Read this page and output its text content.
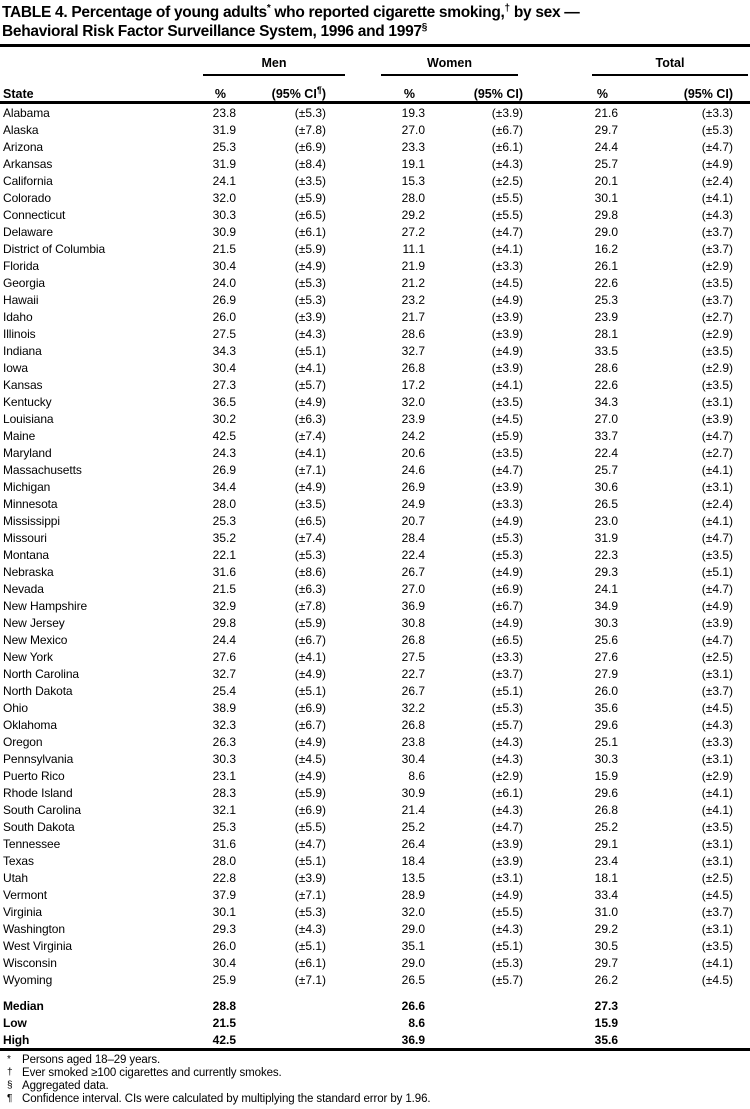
TABLE 4. Percentage of young adults* who reported cigarette smoking,† by sex —
Behavioral Risk Factor Surveillance System, 1996 and 1997§

	Men		Women		Total	

State	%	(95% CI¶)	%	(95% CI)	%	(95% CI)
Alabama	23.8	(±5.3)	19.3	(±3.9)	21.6	(±3.3)
Alaska	31.9	(±7.8)	27.0	(±6.7)	29.7	(±5.3)
Arizona	25.3	(±6.9)	23.3	(±6.1)	24.4	(±4.7)
Arkansas	31.9	(±8.4)	19.1	(±4.3)	25.7	(±4.9)
California	24.1	(±3.5)	15.3	(±2.5)	20.1	(±2.4)
Colorado	32.0	(±5.9)	28.0	(±5.5)	30.1	(±4.1)
Connecticut	30.3	(±6.5)	29.2	(±5.5)	29.8	(±4.3)
Delaware	30.9	(±6.1)	27.2	(±4.7)	29.0	(±3.7)
District of Columbia	21.5	(±5.9)	11.1	(±4.1)	16.2	(±3.7)
Florida	30.4	(±4.9)	21.9	(±3.3)	26.1	(±2.9)
Georgia	24.0	(±5.3)	21.2	(±4.5)	22.6	(±3.5)
Hawaii	26.9	(±5.3)	23.2	(±4.9)	25.3	(±3.7)
Idaho	26.0	(±3.9)	21.7	(±3.9)	23.9	(±2.7)
Illinois	27.5	(±4.3)	28.6	(±3.9)	28.1	(±2.9)
Indiana	34.3	(±5.1)	32.7	(±4.9)	33.5	(±3.5)
Iowa	30.4	(±4.1)	26.8	(±3.9)	28.6	(±2.9)
Kansas	27.3	(±5.7)	17.2	(±4.1)	22.6	(±3.5)
Kentucky	36.5	(±4.9)	32.0	(±3.5)	34.3	(±3.1)
Louisiana	30.2	(±6.3)	23.9	(±4.5)	27.0	(±3.9)
Maine	42.5	(±7.4)	24.2	(±5.9)	33.7	(±4.7)
Maryland	24.3	(±4.1)	20.6	(±3.5)	22.4	(±2.7)
Massachusetts	26.9	(±7.1)	24.6	(±4.7)	25.7	(±4.1)
Michigan	34.4	(±4.9)	26.9	(±3.9)	30.6	(±3.1)
Minnesota	28.0	(±3.5)	24.9	(±3.3)	26.5	(±2.4)
Mississippi	25.3	(±6.5)	20.7	(±4.9)	23.0	(±4.1)
Missouri	35.2	(±7.4)	28.4	(±5.3)	31.9	(±4.7)
Montana	22.1	(±5.3)	22.4	(±5.3)	22.3	(±3.5)
Nebraska	31.6	(±8.6)	26.7	(±4.9)	29.3	(±5.1)
Nevada	21.5	(±6.3)	27.0	(±6.9)	24.1	(±4.7)
New Hampshire	32.9	(±7.8)	36.9	(±6.7)	34.9	(±4.9)
New Jersey	29.8	(±5.9)	30.8	(±4.9)	30.3	(±3.9)
New Mexico	24.4	(±6.7)	26.8	(±6.5)	25.6	(±4.7)
New York	27.6	(±4.1)	27.5	(±3.3)	27.6	(±2.5)
North Carolina	32.7	(±4.9)	22.7	(±3.7)	27.9	(±3.1)
North Dakota	25.4	(±5.1)	26.7	(±5.1)	26.0	(±3.7)
Ohio	38.9	(±6.9)	32.2	(±5.3)	35.6	(±4.5)
Oklahoma	32.3	(±6.7)	26.8	(±5.7)	29.6	(±4.3)
Oregon	26.3	(±4.9)	23.8	(±4.3)	25.1	(±3.3)
Pennsylvania	30.3	(±4.5)	30.4	(±4.3)	30.3	(±3.1)
Puerto Rico	23.1	(±4.9)	8.6	(±2.9)	15.9	(±2.9)
Rhode Island	28.3	(±5.9)	30.9	(±6.1)	29.6	(±4.1)
South Carolina	32.1	(±6.9)	21.4	(±4.3)	26.8	(±4.1)
South Dakota	25.3	(±5.5)	25.2	(±4.7)	25.2	(±3.5)
Tennessee	31.6	(±4.7)	26.4	(±3.9)	29.1	(±3.1)
Texas	28.0	(±5.1)	18.4	(±3.9)	23.4	(±3.1)
Utah	22.8	(±3.9)	13.5	(±3.1)	18.1	(±2.5)
Vermont	37.9	(±7.1)	28.9	(±4.9)	33.4	(±4.5)
Virginia	30.1	(±5.3)	32.0	(±5.5)	31.0	(±3.7)
Washington	29.3	(±4.3)	29.0	(±4.3)	29.2	(±3.1)
West Virginia	26.0	(±5.1)	35.1	(±5.1)	30.5	(±3.5)
Wisconsin	30.4	(±6.1)	29.0	(±5.3)	29.7	(±4.1)
Wyoming	25.9	(±7.1)	26.5	(±5.7)	26.2	(±4.5)

Median	28.8		26.6		27.3	
Low	21.5		8.6		15.9	
High	42.5		36.9		35.6	
* Persons aged 18–29 years.
† Ever smoked ≥100 cigarettes and currently smokes.
§ Aggregated data.
¶ Confidence interval. CIs were calculated by multiplying the standard error by 1.96.
